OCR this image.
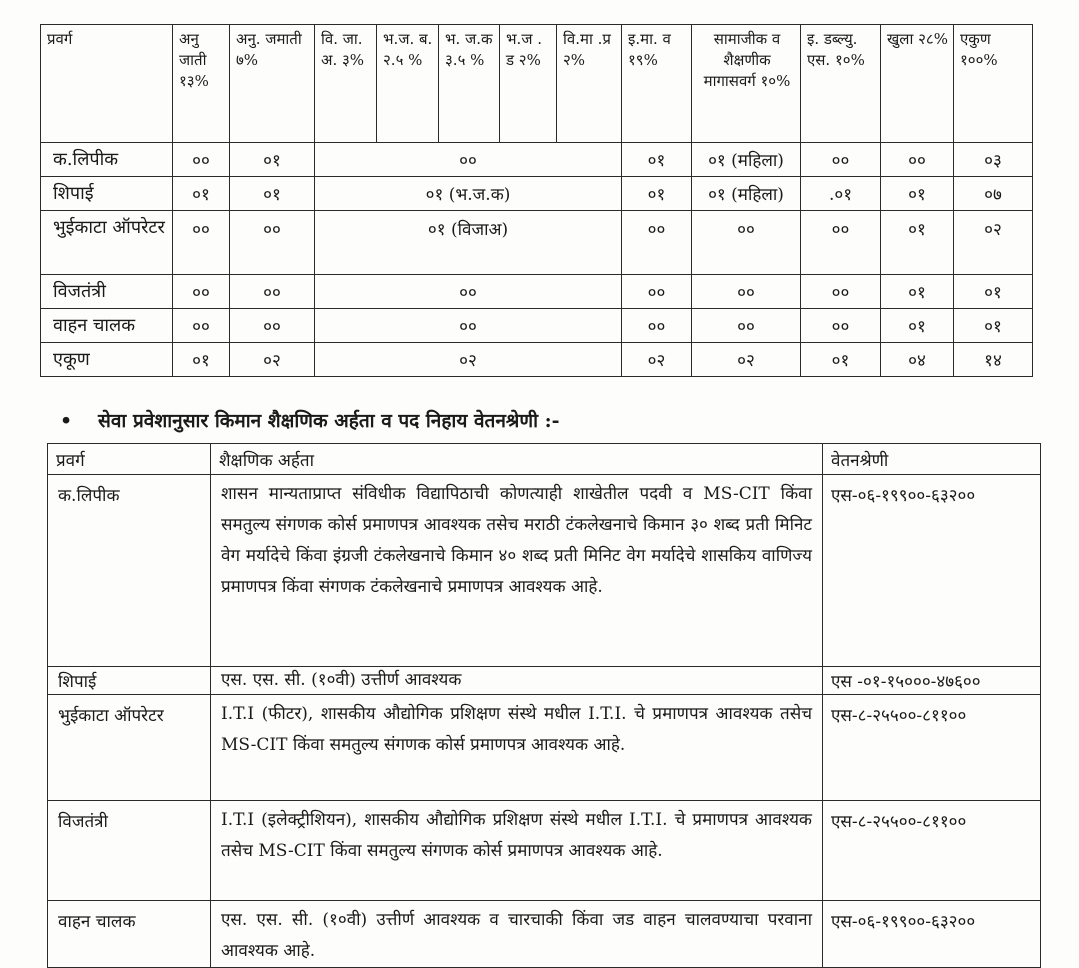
प्रवर्ग	अनु जाती १३%	अनु. जमाती ७%	वि. जा. अ. ३%	भ.ज. ब. २.५ %	भ. ज.क ३.५ %	भ.ज . ड २%	वि.मा .प्र २%	इ.मा. व १९%	सामाजीक व शैक्षणीक मागासवर्ग १०%	इ. डब्ल्यु. एस. १०%	खुला २८%	एकुण १००%
क.लिपीक	००	०१	००					०१	०१ (महिला)	००	००	०३
शिपाई	०१	०१	०१ (भ.ज.क)					०१	०१ (महिला)	.०१	०१	०७
भुईकाटा ऑपरेटर	००	००	०१ (विजाअ)					००	००	००	०१	०२
विजतंत्री	००	००	००					००	००	००	०१	०१
वाहन चालक	००	००	००					००	००	००	०१	०१
एकूण	०१	०२	०२					०२	०२	०१	०४	१४
• सेवा प्रवेशानुसार किमान शैक्षणिक अर्हता व पद निहाय वेतनश्रेणी :-
प्रवर्ग	शैक्षणिक अर्हता	वेतनश्रेणी
क.लिपीक	शासन मान्यताप्राप्त संविधीक विद्यापिठाची कोणत्याही शाखेतील पदवी व MS-CIT किंवा समतुल्य संगणक कोर्स प्रमाणपत्र आवश्यक तसेच मराठी टंकलेखनाचे किमान ३० शब्द प्रती मिनिट वेग मर्यादेचे किंवा इंग्रजी टंकलेखनाचे किमान ४० शब्द प्रती मिनिट वेग मर्यादेचे शासकिय वाणिज्य प्रमाणपत्र किंवा संगणक टंकलेखनाचे प्रमाणपत्र आवश्यक आहे.	एस-०६-१९९००-६३२००
शिपाई	एस. एस. सी. (१०वी) उत्तीर्ण आवश्यक	एस -०१-१५०००-४७६००
भुईकाटा ऑपरेटर	I.T.I (फीटर), शासकीय औद्योगिक प्रशिक्षण संस्थे मधील I.T.I. चे प्रमाणपत्र आवश्यक तसेच MS-CIT किंवा समतुल्य संगणक कोर्स प्रमाणपत्र आवश्यक आहे.	एस-८-२५५००-८११००
विजतंत्री	I.T.I (इलेक्ट्रीशियन), शासकीय औद्योगिक प्रशिक्षण संस्थे मधील I.T.I. चे प्रमाणपत्र आवश्यक तसेच MS-CIT किंवा समतुल्य संगणक कोर्स प्रमाणपत्र आवश्यक आहे.	एस-८-२५५००-८११००
वाहन चालक	एस. एस. सी. (१०वी) उत्तीर्ण आवश्यक व चारचाकी किंवा जड वाहन चालवण्याचा परवाना आवश्यक आहे.	एस-०६-१९९००-६३२००
